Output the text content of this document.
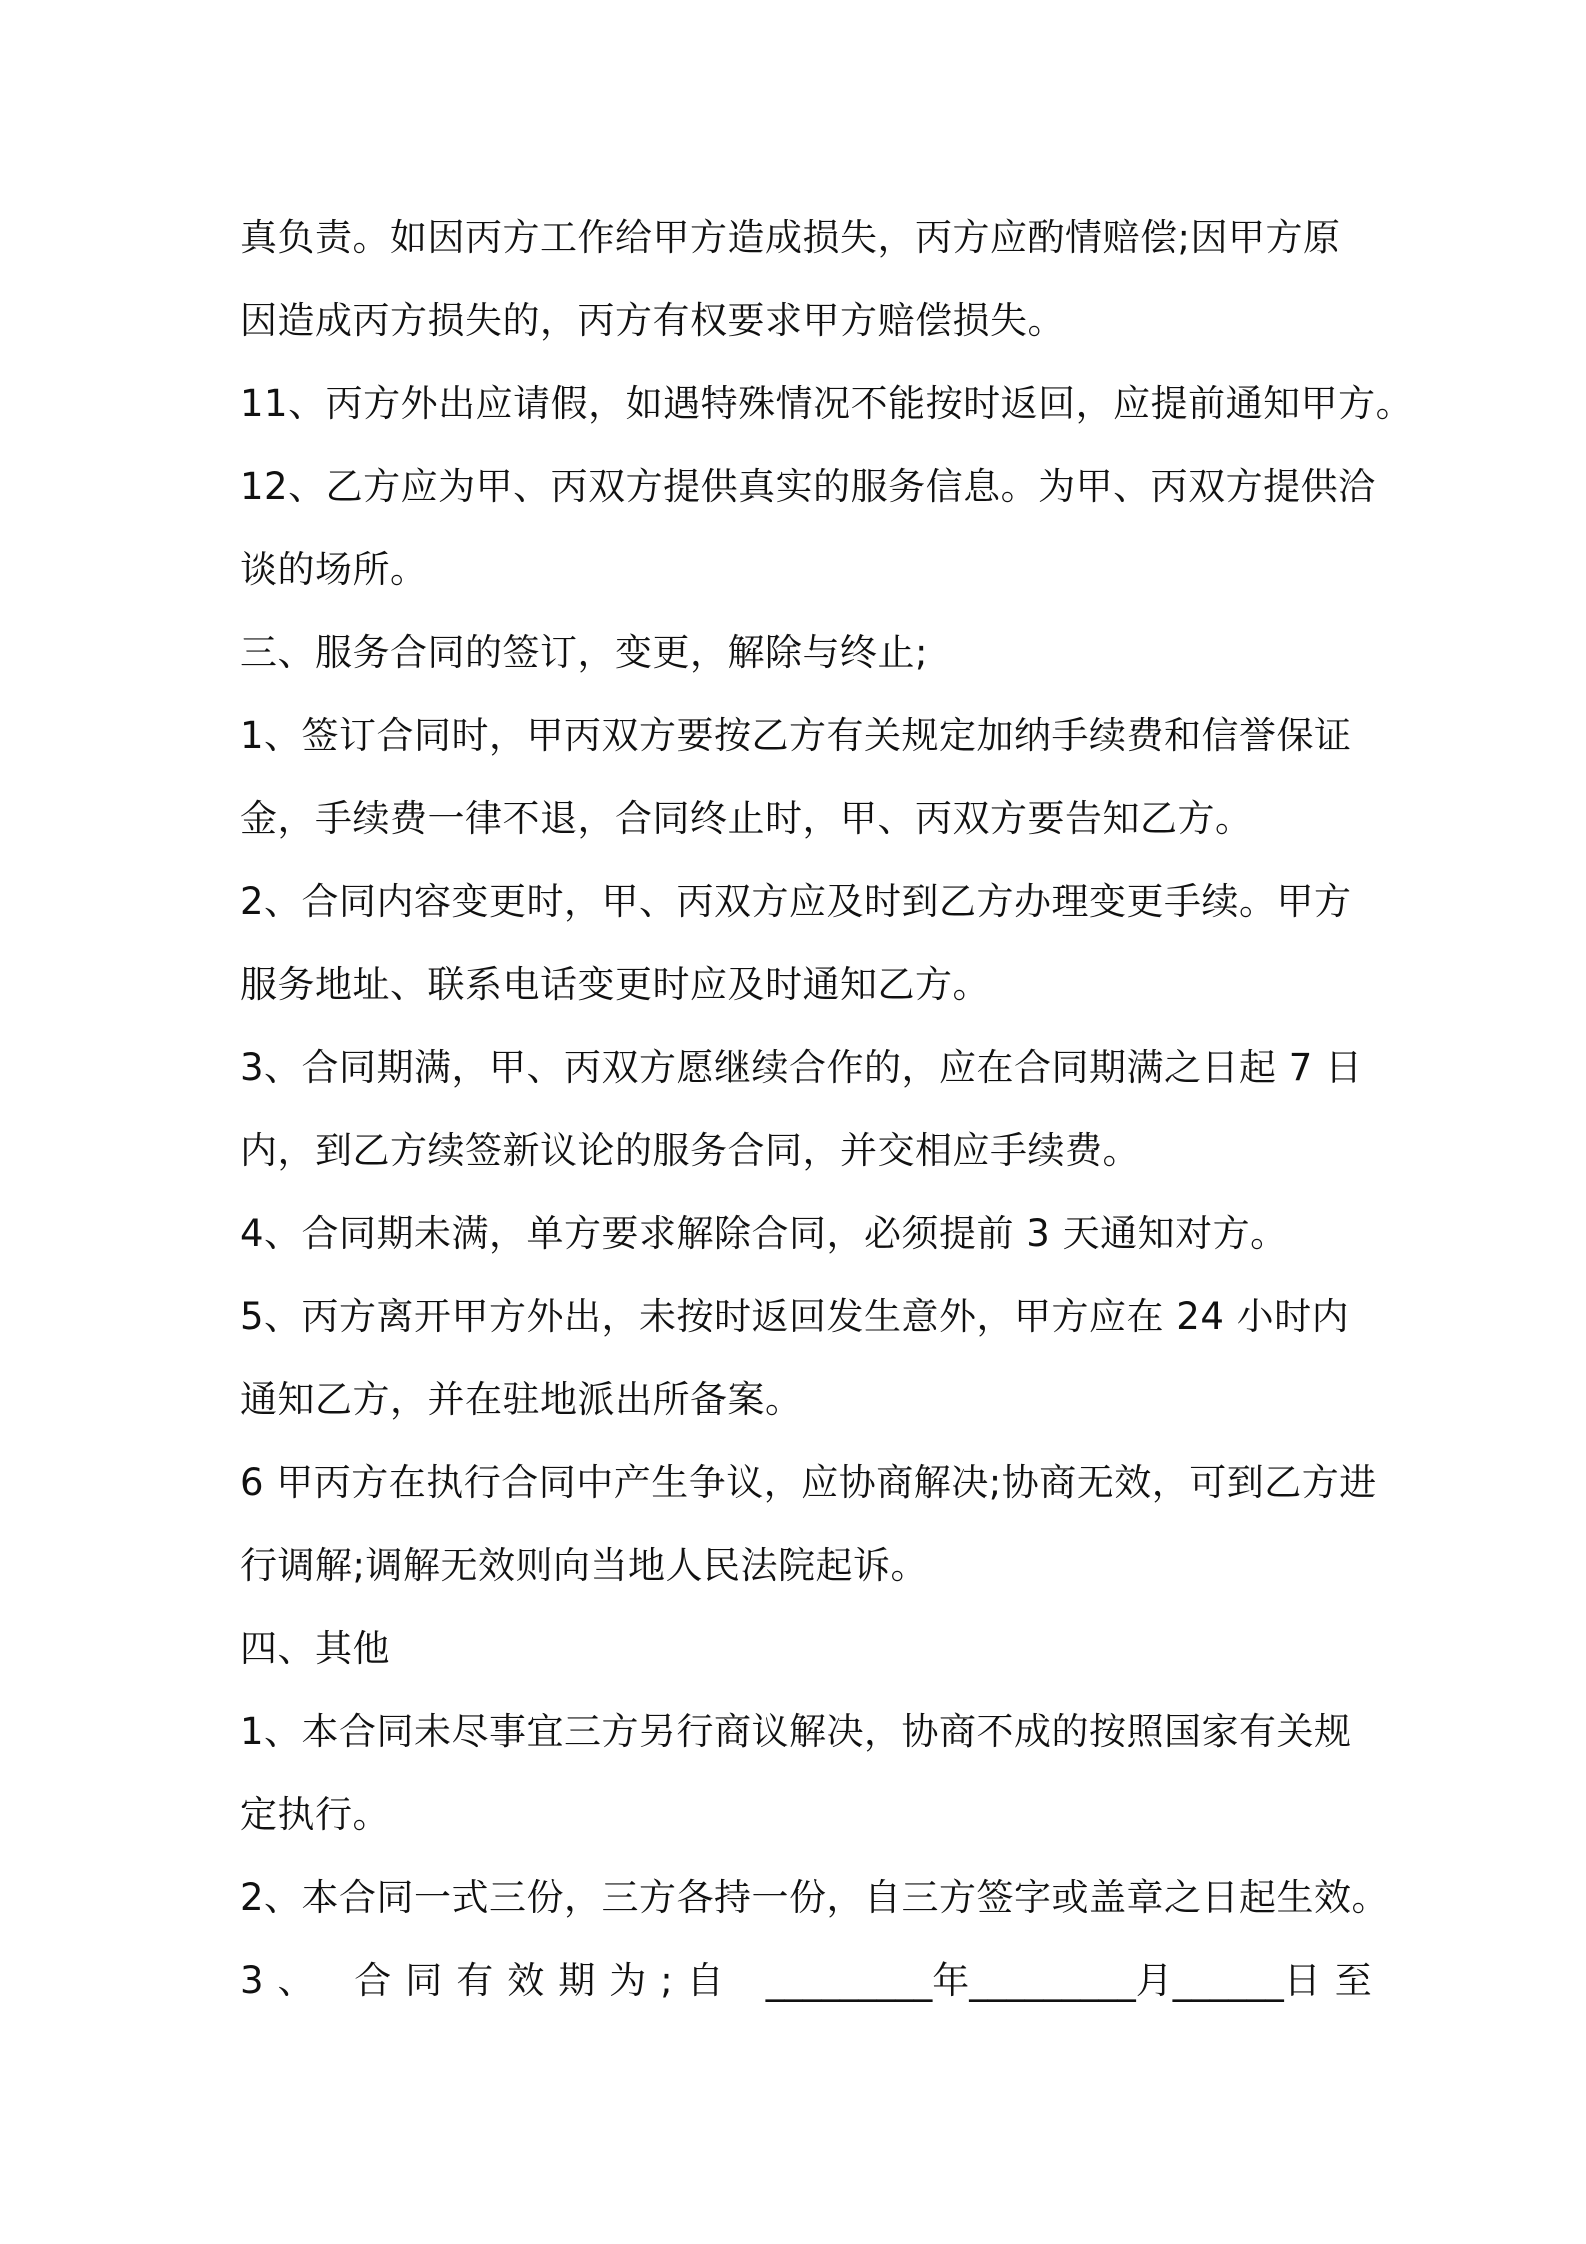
真负责。如因丙方工作给甲方造成损失，丙方应酌情赔偿;因甲方原
因造成丙方损失的，丙方有权要求甲方赔偿损失。
11、丙方外出应请假，如遇特殊情况不能按时返回，应提前通知甲方。
12、乙方应为甲、丙双方提供真实的服务信息。为甲、丙双方提供洽
谈的场所。
三、服务合同的签订，变更，解除与终止;
1、签订合同时，甲丙双方要按乙方有关规定加纳手续费和信誉保证
金，手续费一律不退，合同终止时，甲、丙双方要告知乙方。
2、合同内容变更时，甲、丙双方应及时到乙方办理变更手续。甲方
服务地址、联系电话变更时应及时通知乙方。
3、合同期满，甲、丙双方愿继续合作的，应在合同期满之日起 7 日
内，到乙方续签新议论的服务合同，并交相应手续费。
4、合同期未满，单方要求解除合同，必须提前 3 天通知对方。
5、丙方离开甲方外出，未按时返回发生意外，甲方应在 24 小时内
通知乙方，并在驻地派出所备案。
6 甲丙方在执行合同中产生争议，应协商解决;协商无效，可到乙方进
行调解;调解无效则向当地人民法院起诉。
四、其他
1、本合同未尽事宜三方另行商议解决，协商不成的按照国家有关规
定执行。
2、本合同一式三份，三方各持一份，自三方签字或盖章之日起生效。
3、 合同有效期为;自 _________ 年 _________ 月 ______ 日至
